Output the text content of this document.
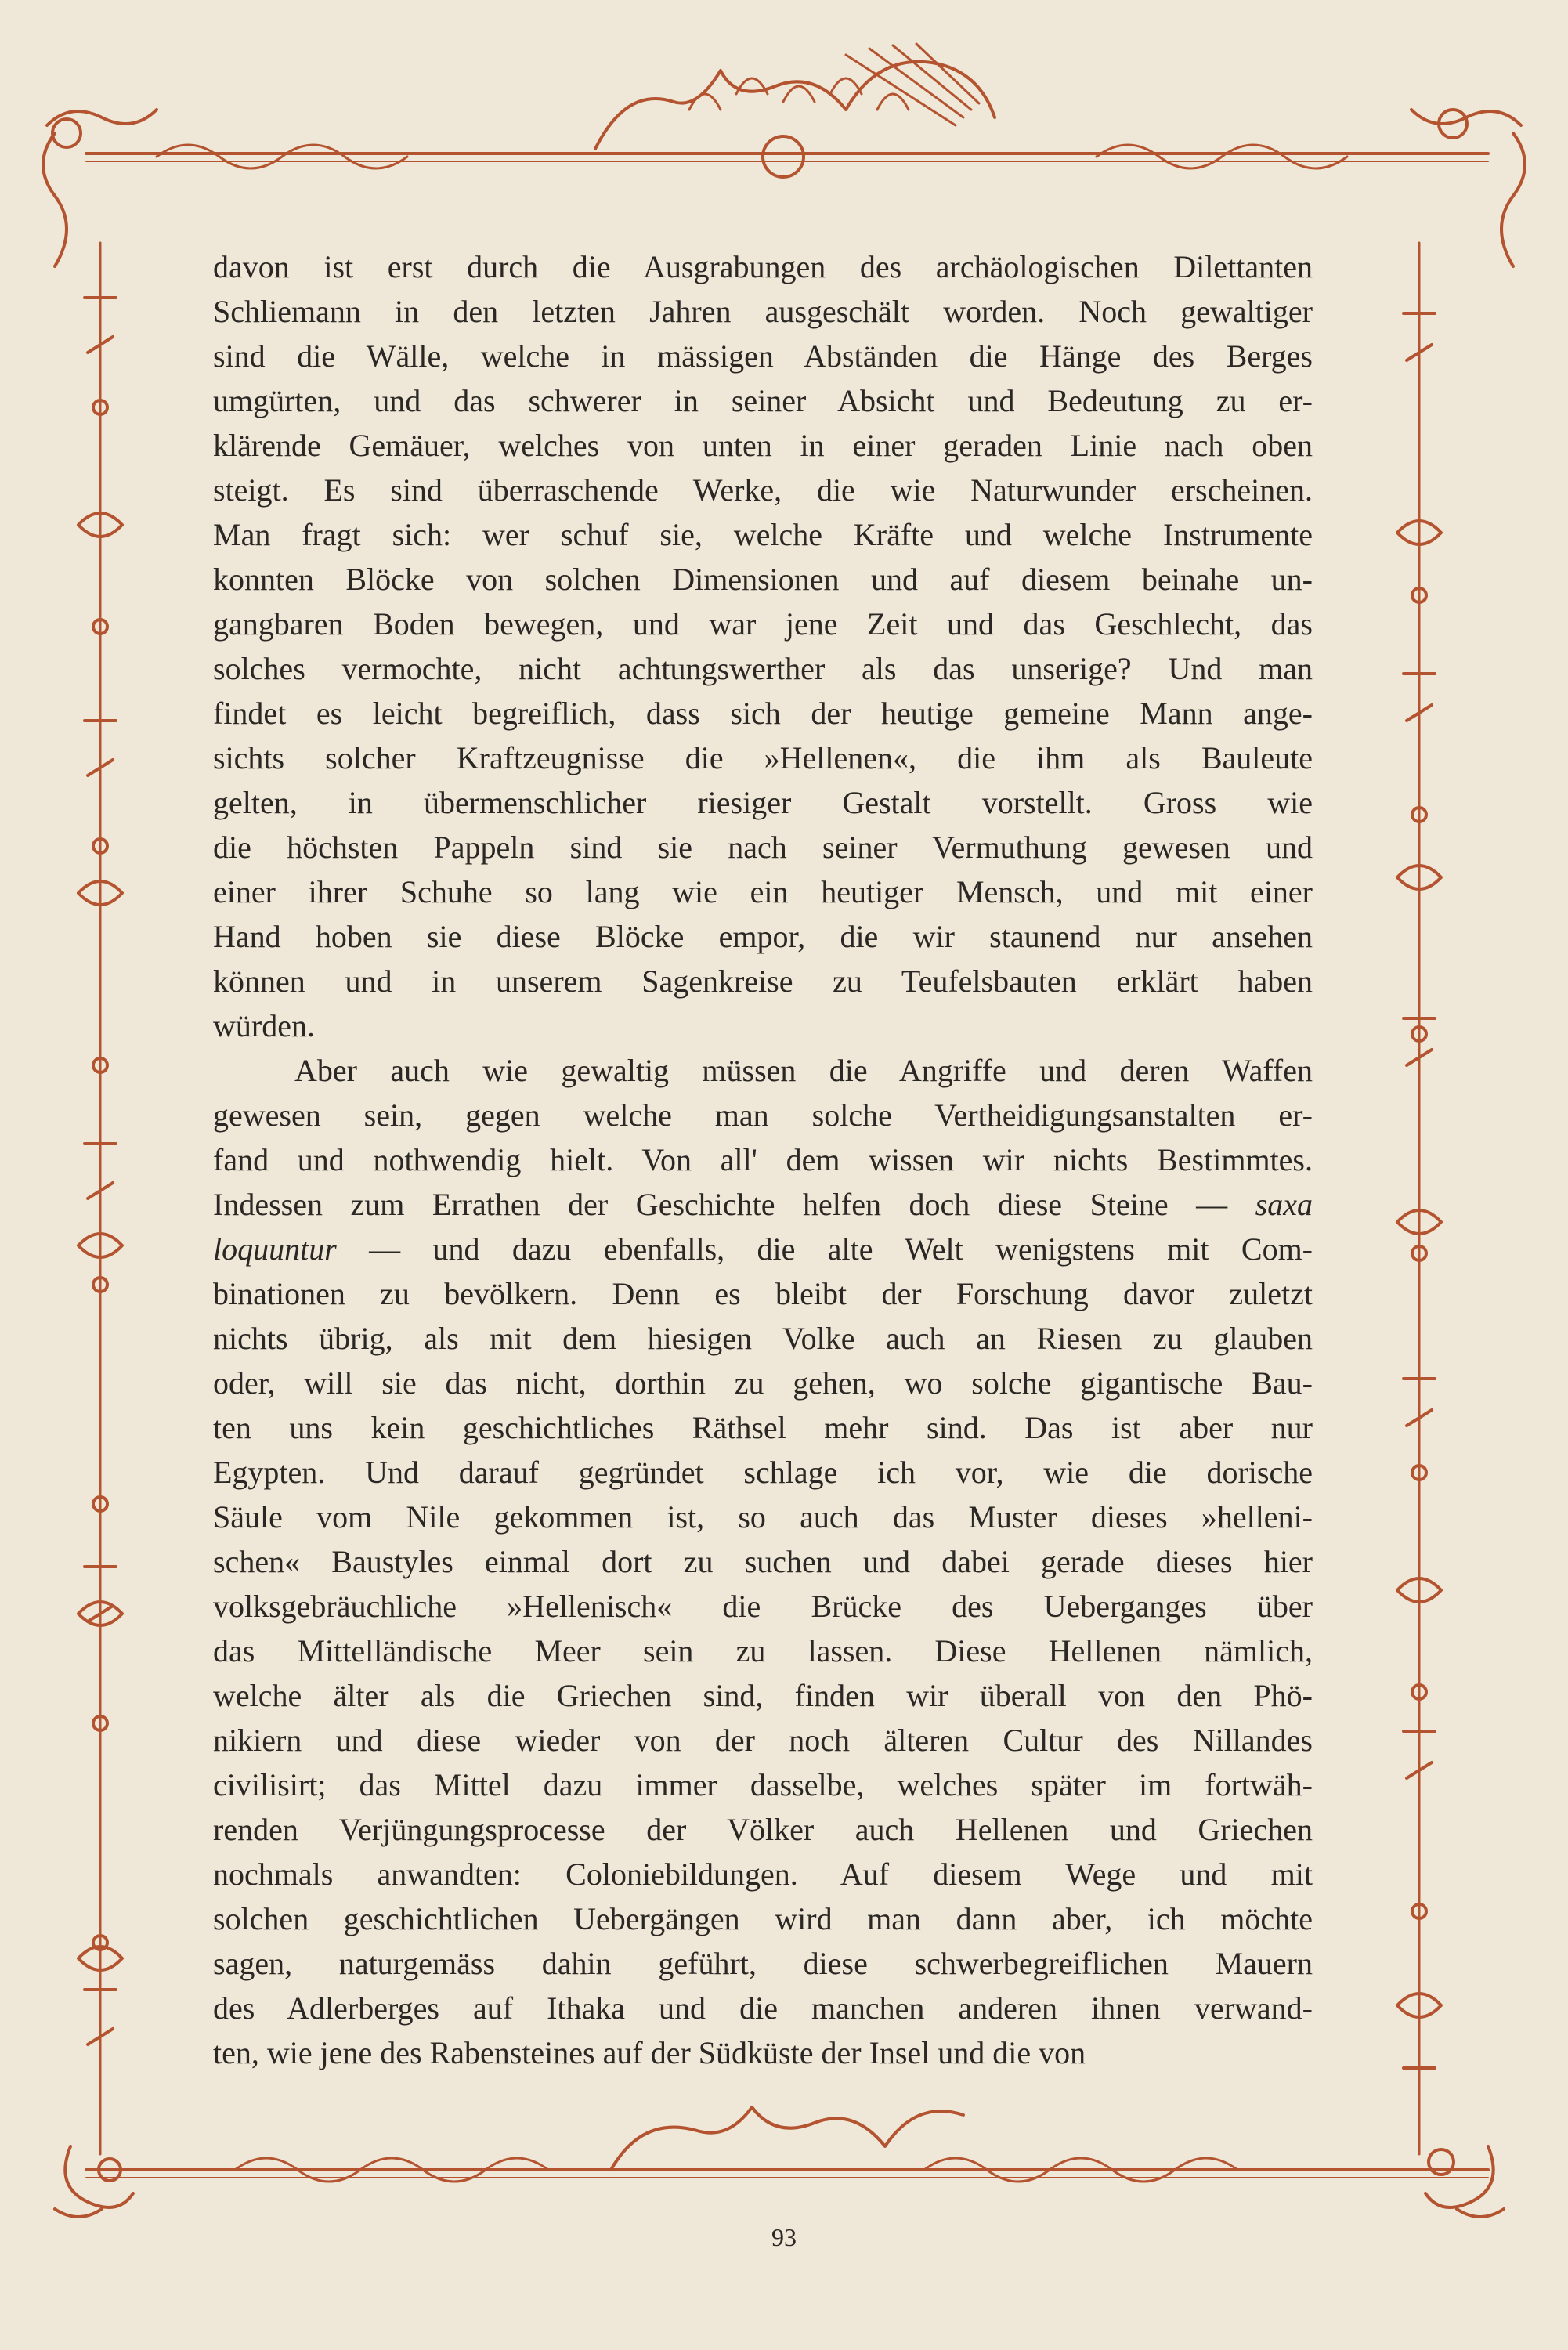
davon ist erst durch die Ausgrabungen des archäologischen Dilettanten
Schliemann in den letzten Jahren ausgeschält worden. Noch gewaltiger
sind die Wälle, welche in mässigen Abständen die Hänge des Berges
umgürten, und das schwerer in seiner Absicht und Bedeutung zu er-
klärende Gemäuer, welches von unten in einer geraden Linie nach oben
steigt. Es sind überraschende Werke, die wie Naturwunder erscheinen.
Man fragt sich: wer schuf sie, welche Kräfte und welche Instrumente
konnten Blöcke von solchen Dimensionen und auf diesem beinahe un-
gangbaren Boden bewegen, und war jene Zeit und das Geschlecht, das
solches vermochte, nicht achtungswerther als das unserige? Und man
findet es leicht begreiflich, dass sich der heutige gemeine Mann ange-
sichts solcher Kraftzeugnisse die »Hellenen«, die ihm als Bauleute
gelten, in übermenschlicher riesiger Gestalt vorstellt. Gross wie
die höchsten Pappeln sind sie nach seiner Vermuthung gewesen und
einer ihrer Schuhe so lang wie ein heutiger Mensch, und mit einer
Hand hoben sie diese Blöcke empor, die wir staunend nur ansehen
können und in unserem Sagenkreise zu Teufelsbauten erklärt haben
würden.
Aber auch wie gewaltig müssen die Angriffe und deren Waffen
gewesen sein, gegen welche man solche Vertheidigungsanstalten er-
fand und nothwendig hielt. Von all' dem wissen wir nichts Bestimmtes.
Indessen zum Errathen der Geschichte helfen doch diese Steine — saxa
loquuntur — und dazu ebenfalls, die alte Welt wenigstens mit Com-
binationen zu bevölkern. Denn es bleibt der Forschung davor zuletzt
nichts übrig, als mit dem hiesigen Volke auch an Riesen zu glauben
oder, will sie das nicht, dorthin zu gehen, wo solche gigantische Bau-
ten uns kein geschichtliches Räthsel mehr sind. Das ist aber nur
Egypten. Und darauf gegründet schlage ich vor, wie die dorische
Säule vom Nile gekommen ist, so auch das Muster dieses »helleni-
schen« Baustyles einmal dort zu suchen und dabei gerade dieses hier
volksgebräuchliche »Hellenisch« die Brücke des Ueberganges über
das Mittelländische Meer sein zu lassen. Diese Hellenen nämlich,
welche älter als die Griechen sind, finden wir überall von den Phö-
nikiern und diese wieder von der noch älteren Cultur des Nillandes
civilisirt; das Mittel dazu immer dasselbe, welches später im fortwäh-
renden Verjüngungsprocesse der Völker auch Hellenen und Griechen
nochmals anwandten: Coloniebildungen. Auf diesem Wege und mit
solchen geschichtlichen Uebergängen wird man dann aber, ich möchte
sagen, naturgemäss dahin geführt, diese schwerbegreiflichen Mauern
des Adlerberges auf Ithaka und die manchen anderen ihnen verwand-
ten, wie jene des Rabensteines auf der Südküste der Insel und die von
93
